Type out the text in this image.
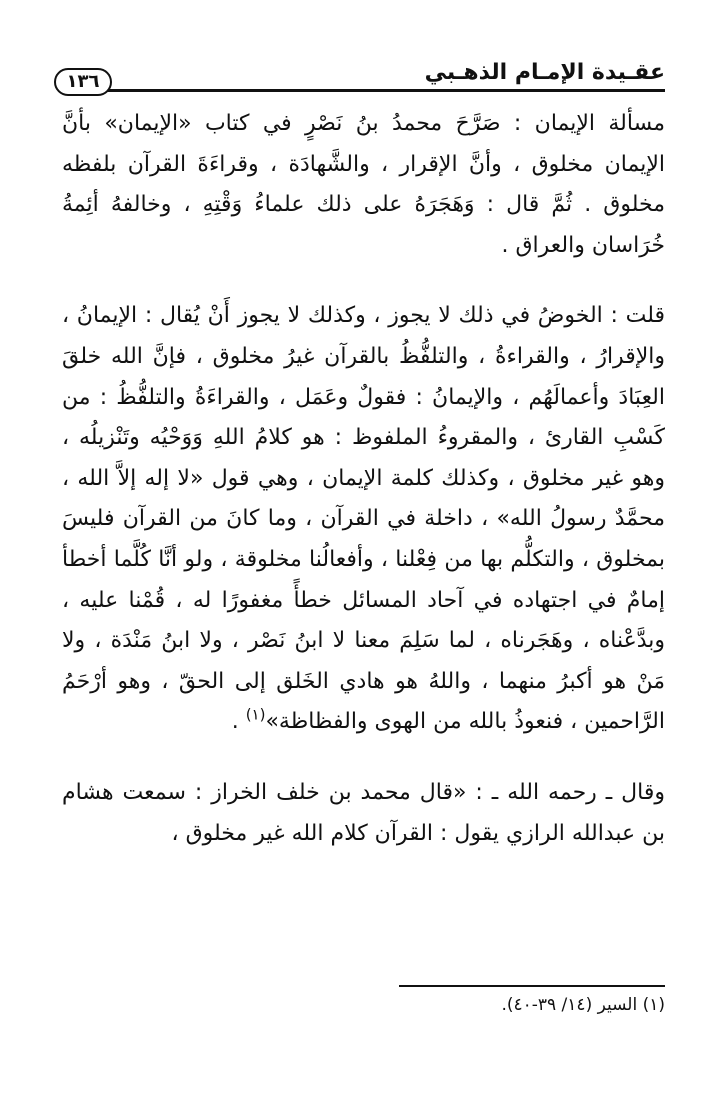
عقـيدة الإمـام الذهـبي
١٣٦

مسألة الإيمان : صَرَّحَ محمدُ بنُ نَصْرٍ في كتاب «الإيمان» بأنَّ الإيمان مخلوق ، وأنَّ الإقرار ، والشَّهادَة ، وقراءَةَ القرآن بلفظه مخلوق . ثُمَّ قال : وَهَجَرَهُ على ذلك علماءُ وَقْتِهِ ، وخالفهُ أئِمةُ خُرَاسان والعراق .

قلت : الخوضُ في ذلك لا يجوز ، وكذلك لا يجوز أَنْ يُقال : الإيمانُ ، والإقرارُ ، والقراءةُ ، والتلفُّظُ بالقرآن غيرُ مخلوق ، فإنَّ الله خلقَ العِبَادَ وأعمالَهُم ، والإيمانُ : فقولٌ وعَمَل ، والقراءَةُ والتلفُّظُ : من كَسْبِ القارئ ، والمقروءُ الملفوظ : هو كلامُ اللهِ وَوَحْيُه وتَنْزيلُه ، وهو غير مخلوق ، وكذلك كلمة الإيمان ، وهي قول «لا إله إلاَّ الله ، محمَّدٌ رسولُ الله» ، داخلة في القرآن ، وما كانَ من القرآن فليسَ بمخلوق ، والتكلُّم بها من فِعْلنا ، وأفعالُنا مخلوقة ، ولو أنَّا كُلَّما أخطأ إمامٌ في اجتهاده في آحاد المسائل خطأً مغفورًا له ، قُمْنا عليه ، وبدَّعْناه ، وهَجَرناه ، لما سَلِمَ معنا لا ابنُ نَصْر ، ولا ابنُ مَنْدَة ، ولا مَنْ هو أكبرُ منهما ، واللهُ هو هادي الخَلق إلى الحقّ ، وهو أرْحَمُ الرَّاحمين ، فنعوذُ بالله من الهوى والفظاظة»$^{(١)}$ .

وقال ـ رحمه الله ـ : «قال محمد بن خلف الخراز : سمعت هشام بن عبدالله الرازي يقول : القرآن كلام الله غير مخلوق ،

(١) السير (١٤/ ٣٩-٤٠).
